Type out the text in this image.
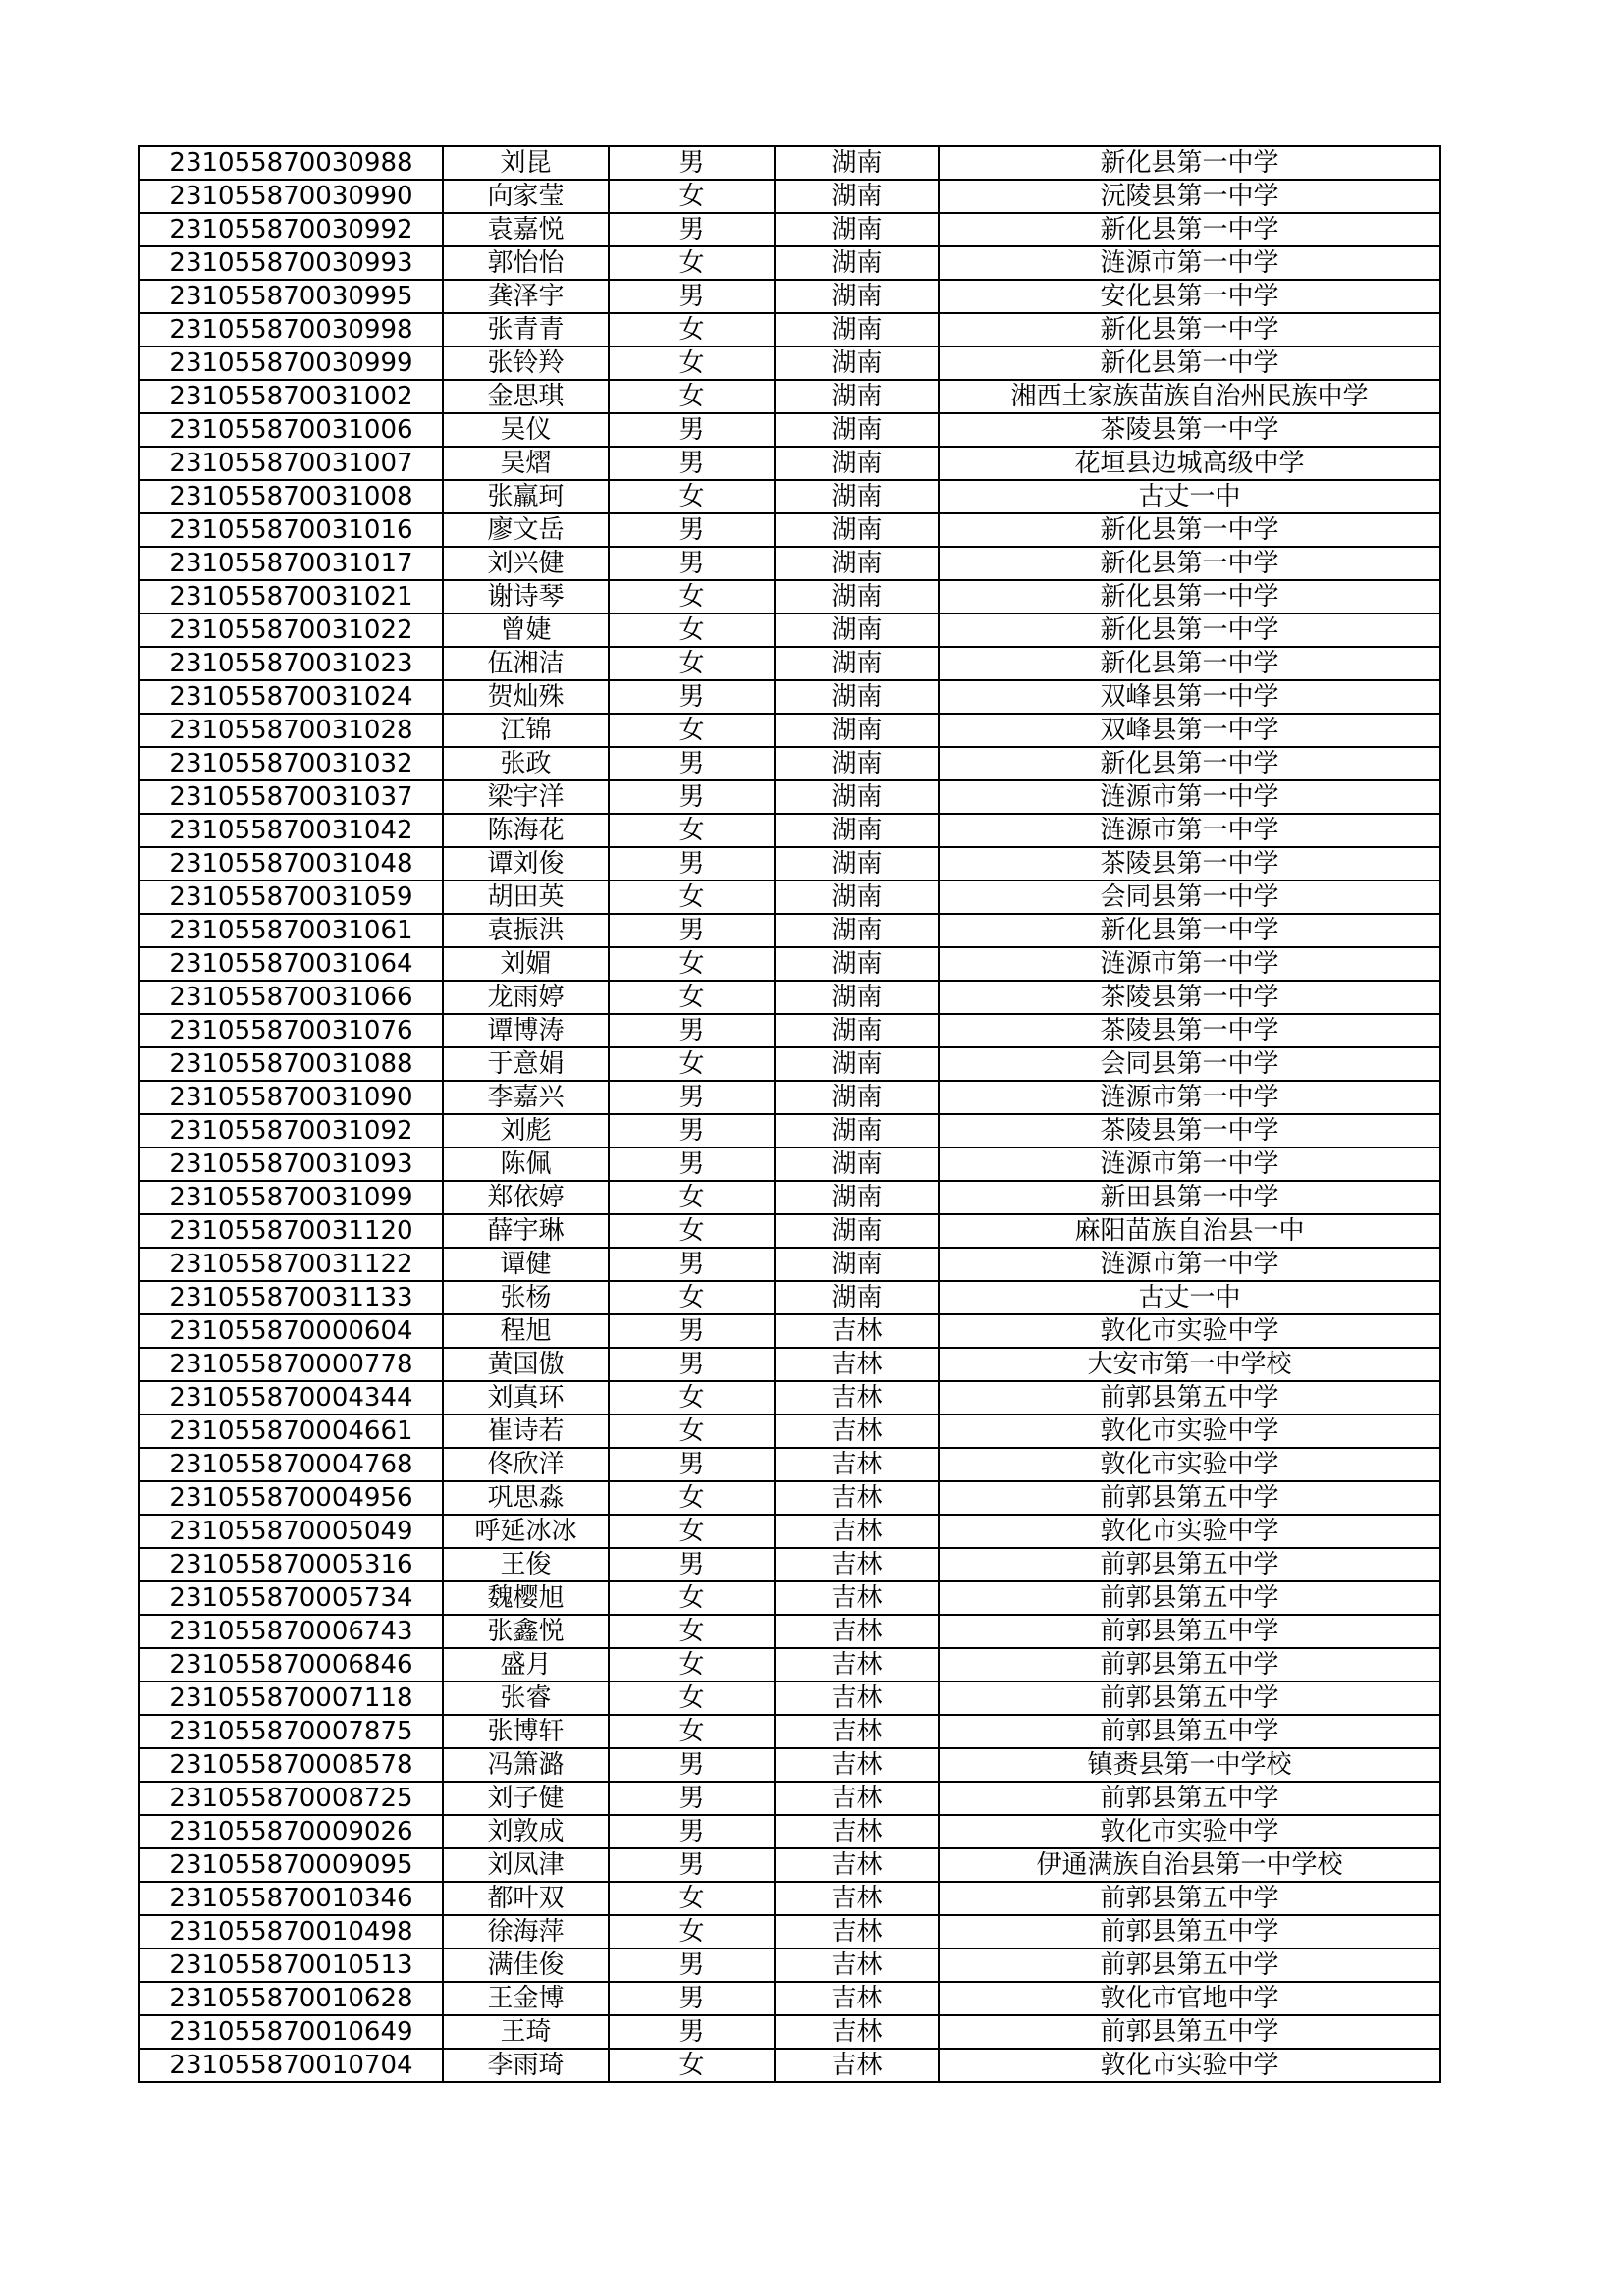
231055870030988	刘昆	男	湖南	新化县第一中学
231055870030990	向家莹	女	湖南	沅陵县第一中学
231055870030992	袁嘉悦	男	湖南	新化县第一中学
231055870030993	郭怡怡	女	湖南	涟源市第一中学
231055870030995	龚泽宇	男	湖南	安化县第一中学
231055870030998	张青青	女	湖南	新化县第一中学
231055870030999	张铃羚	女	湖南	新化县第一中学
231055870031002	金思琪	女	湖南	湘西土家族苗族自治州民族中学
231055870031006	吴仪	男	湖南	茶陵县第一中学
231055870031007	吴熠	男	湖南	花垣县边城高级中学
231055870031008	张羸珂	女	湖南	古丈一中
231055870031016	廖文岳	男	湖南	新化县第一中学
231055870031017	刘兴健	男	湖南	新化县第一中学
231055870031021	谢诗琴	女	湖南	新化县第一中学
231055870031022	曾婕	女	湖南	新化县第一中学
231055870031023	伍湘洁	女	湖南	新化县第一中学
231055870031024	贺灿殊	男	湖南	双峰县第一中学
231055870031028	江锦	女	湖南	双峰县第一中学
231055870031032	张政	男	湖南	新化县第一中学
231055870031037	梁宇洋	男	湖南	涟源市第一中学
231055870031042	陈海花	女	湖南	涟源市第一中学
231055870031048	谭刘俊	男	湖南	茶陵县第一中学
231055870031059	胡田英	女	湖南	会同县第一中学
231055870031061	袁振洪	男	湖南	新化县第一中学
231055870031064	刘媚	女	湖南	涟源市第一中学
231055870031066	龙雨婷	女	湖南	茶陵县第一中学
231055870031076	谭博涛	男	湖南	茶陵县第一中学
231055870031088	于意娟	女	湖南	会同县第一中学
231055870031090	李嘉兴	男	湖南	涟源市第一中学
231055870031092	刘彪	男	湖南	茶陵县第一中学
231055870031093	陈佩	男	湖南	涟源市第一中学
231055870031099	郑依婷	女	湖南	新田县第一中学
231055870031120	薛宇琳	女	湖南	麻阳苗族自治县一中
231055870031122	谭健	男	湖南	涟源市第一中学
231055870031133	张杨	女	湖南	古丈一中
231055870000604	程旭	男	吉林	敦化市实验中学
231055870000778	黄国傲	男	吉林	大安市第一中学校
231055870004344	刘真环	女	吉林	前郭县第五中学
231055870004661	崔诗若	女	吉林	敦化市实验中学
231055870004768	佟欣洋	男	吉林	敦化市实验中学
231055870004956	巩思淼	女	吉林	前郭县第五中学
231055870005049	呼延冰冰	女	吉林	敦化市实验中学
231055870005316	王俊	男	吉林	前郭县第五中学
231055870005734	魏樱旭	女	吉林	前郭县第五中学
231055870006743	张鑫悦	女	吉林	前郭县第五中学
231055870006846	盛月	女	吉林	前郭县第五中学
231055870007118	张睿	女	吉林	前郭县第五中学
231055870007875	张博轩	女	吉林	前郭县第五中学
231055870008578	冯箫潞	男	吉林	镇赉县第一中学校
231055870008725	刘子健	男	吉林	前郭县第五中学
231055870009026	刘敦成	男	吉林	敦化市实验中学
231055870009095	刘凤津	男	吉林	伊通满族自治县第一中学校
231055870010346	都叶双	女	吉林	前郭县第五中学
231055870010498	徐海萍	女	吉林	前郭县第五中学
231055870010513	满佳俊	男	吉林	前郭县第五中学
231055870010628	王金博	男	吉林	敦化市官地中学
231055870010649	王琦	男	吉林	前郭县第五中学
231055870010704	李雨琦	女	吉林	敦化市实验中学
